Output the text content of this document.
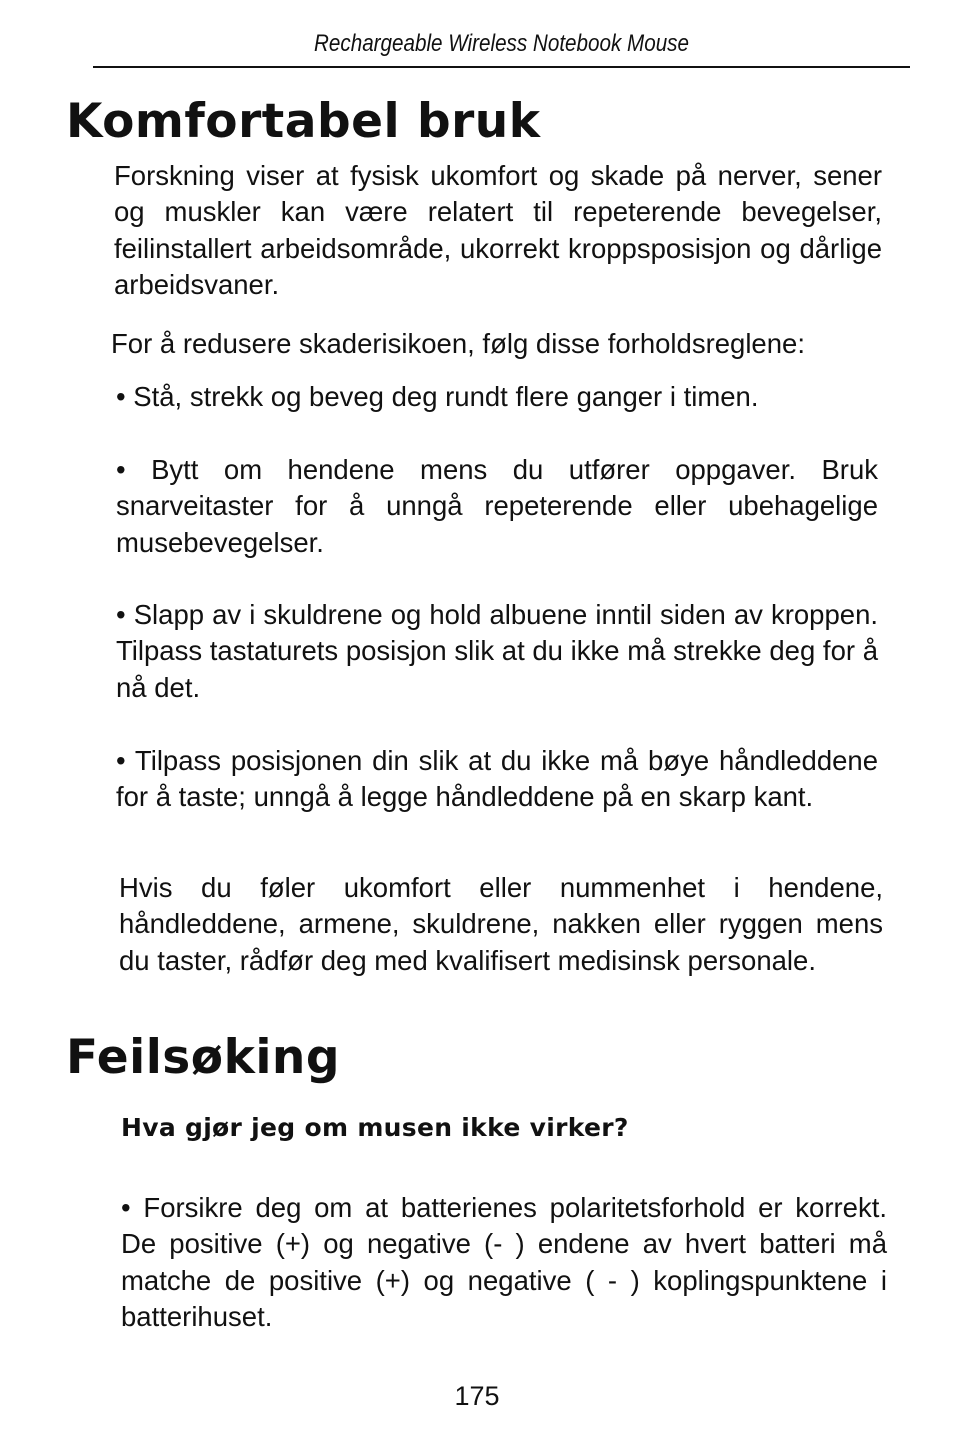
Rechargeable Wireless Notebook Mouse
Komfortabel bruk

Forskning viser at fysisk ukomfort og skade på nerver, sener og muskler kan være relatert til repeterende bevegelser, feilinstallert arbeidsområde, ukorrekt kroppsposisjon og dårlige arbeidsvaner.

For å redusere skaderisikoen, følg disse forholdsreglene:

• Stå, strekk og beveg deg rundt flere ganger i timen.

• Bytt om hendene mens du utfører oppgaver. Bruk snarveitaster for å unngå repeterende eller ubehagelige musebevegelser.

• Slapp av i skuldrene og hold albuene inntil siden av kroppen. Tilpass tastaturets posisjon slik at du ikke må strekke deg for å nå det.

• Tilpass posisjonen din slik at du ikke må bøye håndleddene for å taste; unngå å legge håndleddene på en skarp kant.

Hvis du føler ukomfort eller nummenhet i hendene, håndleddene, armene, skuldrene, nakken eller ryggen mens du taster, rådfør deg med kvalifisert medisinsk personale.

Feilsøking
Hva gjør jeg om musen ikke virker?

• Forsikre deg om at batterienes polaritetsforhold er korrekt. De positive (+) og negative (- ) endene av hvert batteri må matche de positive (+) og negative ( - ) koplingspunktene i batterihuset.

175
